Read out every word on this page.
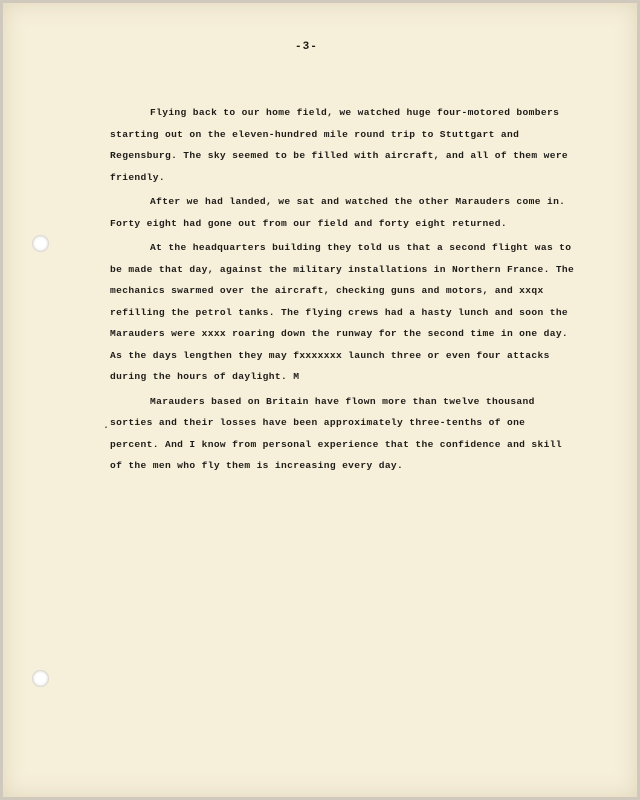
-3-

Flying back to our home field, we watched huge four-motored bombers starting out on the eleven-hundred mile round trip to Stuttgart and Regensburg. The sky seemed to be filled with aircraft, and all of them were friendly.

After we had landed, we sat and watched the other Marauders come in. Forty eight had gone out from our field and forty eight returned.

At the headquarters building they told us that a second flight was to be made that day, against the military installations in Northern France. The mechanics swarmed over the aircraft, checking guns and motors, and xxqx refilling the petrol tanks. The flying crews had a hasty lunch and soon the Marauders were xxxx roaring down the runway for the second time in one day. As the days lengthen they may fxxxxxxx launch three or even four attacks during the hours of daylight. M

Marauders based on Britain have flown more than twelve thousand sorties and their losses have been approximately three-tenths of one percent. And I know from personal experience that the confidence and skill of the men who fly them is increasing every day.

·
